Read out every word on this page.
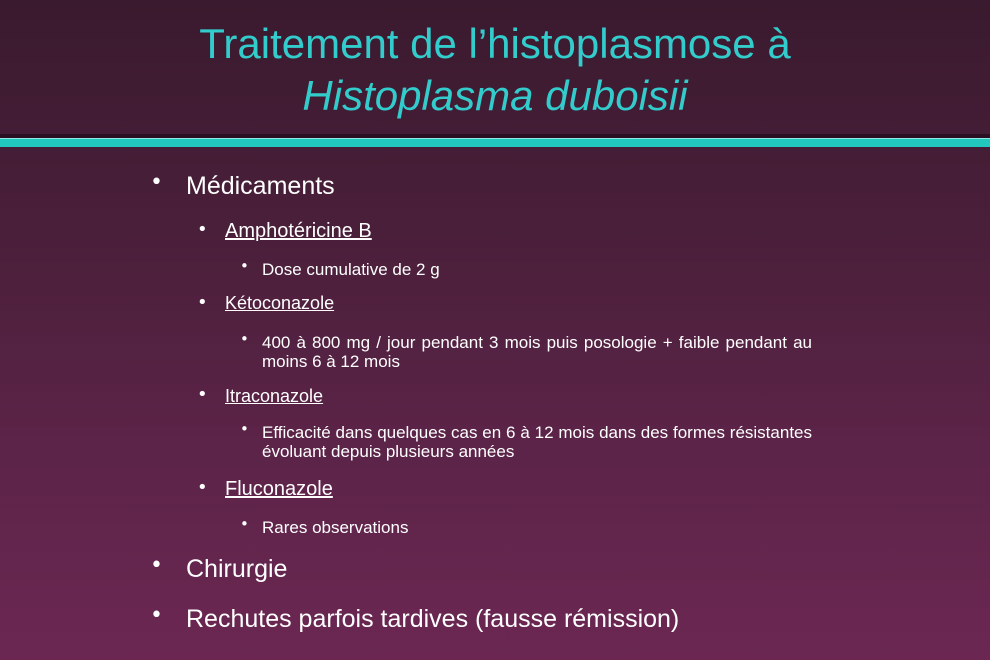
Traitement de l’histoplasmose à
Histoplasma duboisii
• Médicaments
• Amphotéricine B
• Dose cumulative de 2 g
• Kétoconazole
• 400 à 800 mg / jour pendant 3 mois puis posologie + faible pendant au moins 6 à 12 mois
• Itraconazole
• Efficacité dans quelques cas en 6 à 12 mois dans des formes résistantes évoluant depuis plusieurs années
• Fluconazole
• Rares observations
• Chirurgie
• Rechutes parfois tardives (fausse rémission)
